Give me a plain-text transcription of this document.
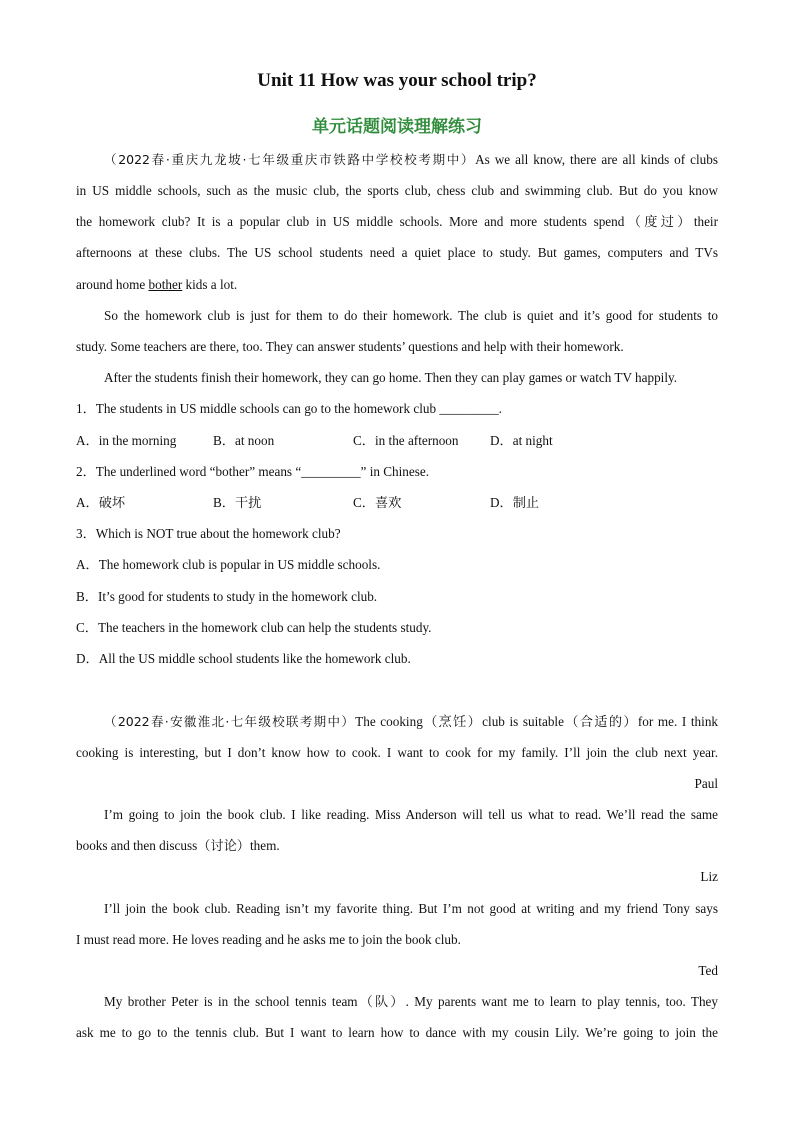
Unit 11 How was your school trip?
单元话题阅读理解练习
（2022春·重庆九龙坡·七年级重庆市铁路中学校校考期中）As we all know, there are all kinds of clubs
in US middle schools, such as the music club, the sports club, chess club and swimming club. But do you know
the homework club? It is a popular club in US middle schools. More and more students spend（度过）their
afternoons at these clubs. The US school students need a quiet place to study. But games, computers and TVs
around home bother kids a lot.
So the homework club is just for them to do their homework. The club is quiet and it’s good for students to
study. Some teachers are there, too. They can answer students’ questions and help with their homework.
After the students finish their homework, they can go home. Then they can play games or watch TV happily.
1．The students in US middle schools can go to the homework club _________.
A．in the morning	B．at noon	C．in the afternoon D．at night
2．The underlined word “bother” means “_________” in Chinese.
A．破坏	B．干扰	C．喜欢	D．制止
3．Which is NOT true about the homework club?
A．The homework club is popular in US middle schools.
B．It’s good for students to study in the homework club.
C．The teachers in the homework club can help the students study.
D．All the US middle school students like the homework club.
（2022春·安徽淮北·七年级校联考期中）The cooking（烹饪）club is suitable（合适的）for me. I think
cooking is interesting, but I don’t know how to cook. I want to cook for my family. I’ll join the club next year.
Paul
I’m going to join the book club. I like reading. Miss Anderson will tell us what to read. We’ll read the same
books and then discuss（讨论）them.
Liz
I’ll join the book club. Reading isn’t my favorite thing. But I’m not good at writing and my friend Tony says
I must read more. He loves reading and he asks me to join the book club.
Ted
My brother Peter is in the school tennis team（队）. My parents want me to learn to play tennis, too. They
ask me to go to the tennis club. But I want to learn how to dance with my cousin Lily. We’re going to join the
